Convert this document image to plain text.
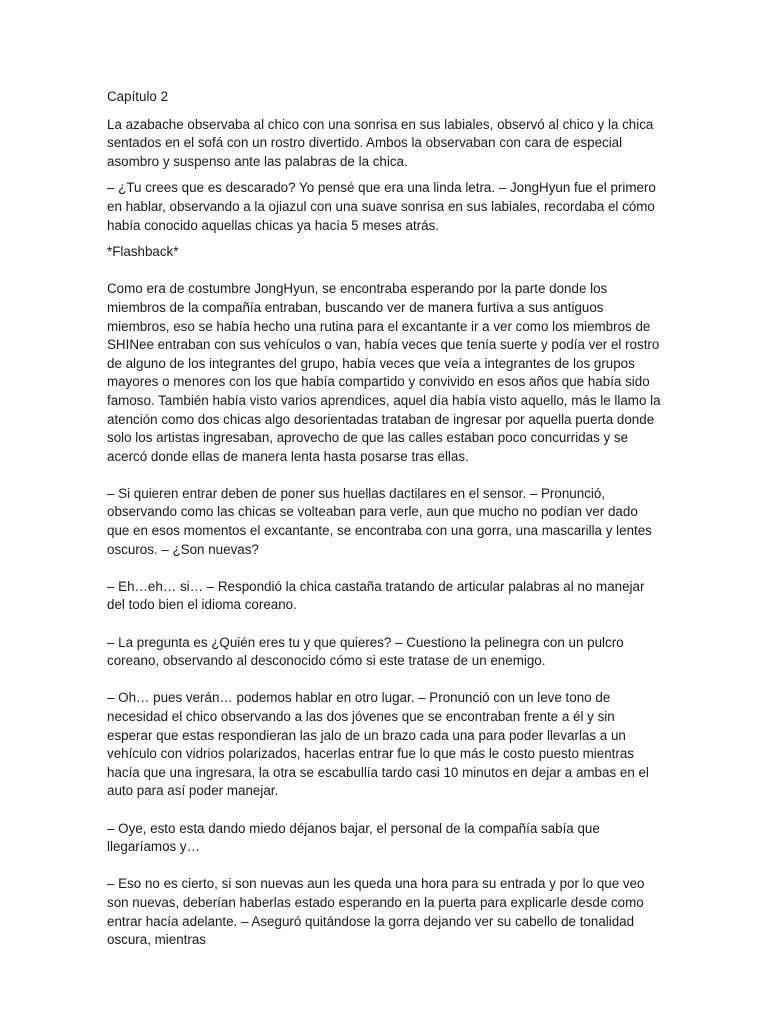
Capítulo 2

La azabache observaba al chico con una sonrisa en sus labiales, observó al chico y la chica sentados en el sofá con un rostro divertido. Ambos la observaban con cara de especial asombro y suspenso ante las palabras de la chica.

– ¿Tu crees que es descarado? Yo pensé que era una linda letra. – JongHyun fue el primero en hablar, observando a la ojiazul con una suave sonrisa en sus labiales, recordaba el cómo había conocido aquellas chicas ya hacía 5 meses atrás.

*Flashback*

Como era de costumbre JongHyun, se encontraba esperando por la parte donde los miembros de la compañía entraban, buscando ver de manera furtiva a sus antiguos miembros, eso se había hecho una rutina para el excantante ir a ver como los miembros de SHINee entraban con sus vehículos o van, había veces que tenía suerte y podía ver el rostro de alguno de los integrantes del grupo, había veces que veía a integrantes de los grupos mayores o menores con los que había compartido y convivido en esos años que había sido famoso. También había visto varios aprendices, aquel día había visto aquello, más le llamo la atención como dos chicas algo desorientadas trataban de ingresar por aquella puerta donde solo los artistas ingresaban, aprovecho de que las calles estaban poco concurridas y se acercó donde ellas de manera lenta hasta posarse tras ellas.

– Si quieren entrar deben de poner sus huellas dactilares en el sensor. – Pronunció, observando como las chicas se volteaban para verle, aun que mucho no podían ver dado que en esos momentos el excantante, se encontraba con una gorra, una mascarilla y lentes oscuros. – ¿Son nuevas?

– Eh…eh… si… – Respondió la chica castaña tratando de articular palabras al no manejar del todo bien el idioma coreano.

– La pregunta es ¿Quién eres tu y que quieres? – Cuestiono la pelinegra con un pulcro coreano, observando al desconocido cómo si este tratase de un enemigo.

– Oh… pues verán… podemos hablar en otro lugar. – Pronunció con un leve tono de necesidad el chico observando a las dos jóvenes que se encontraban frente a él y sin esperar que estas respondieran las jalo de un brazo cada una para poder llevarlas a un vehículo con vidrios polarizados, hacerlas entrar fue lo que más le costo puesto mientras hacía que una ingresara, la otra se escabullía tardo casi 10 minutos en dejar a ambas en el auto para así poder manejar.

– Oye, esto esta dando miedo déjanos bajar, el personal de la compañía sabía que llegaríamos y…

– Eso no es cierto, si son nuevas aun les queda una hora para su entrada y por lo que veo son nuevas, deberían haberlas estado esperando en la puerta para explicarle desde como entrar hacía adelante. – Aseguró quitándose la gorra dejando ver su cabello de tonalidad oscura, mientras
